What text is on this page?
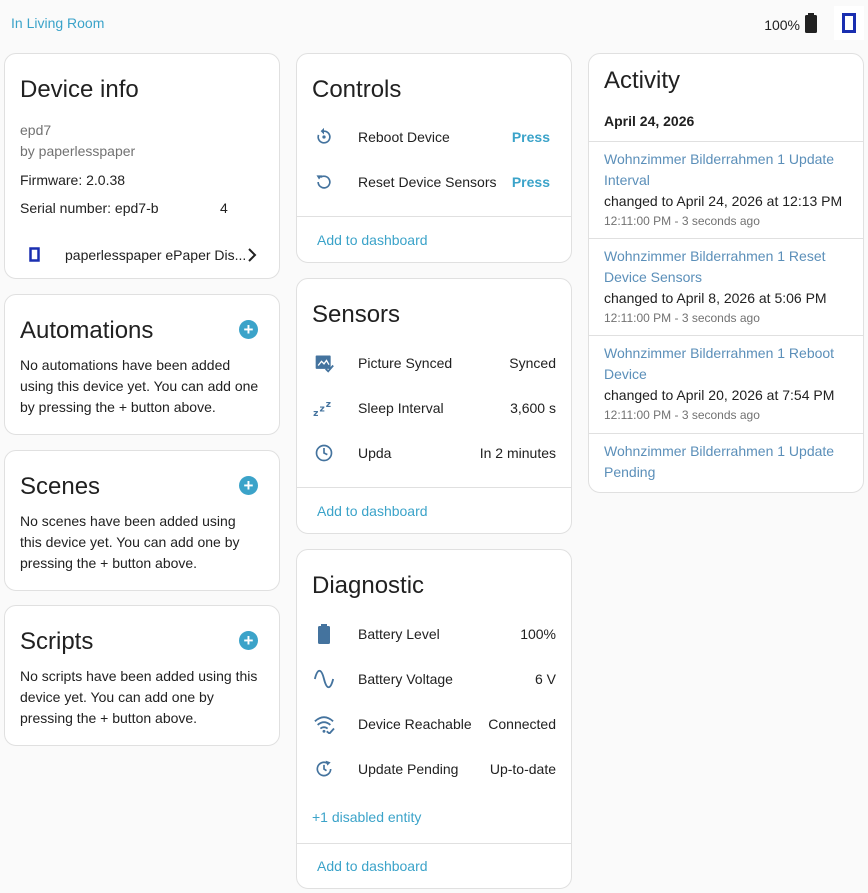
In Living Room	100%
Device info
epd7
by paperlesspaper
Firmware: 2.0.38
Serial number: epd7-b	4
paperlesspaper ePaper Dis...
Automations	+
No automations have been added using this device yet. You can add one by pressing the + button above.
Scenes	+
No scenes have been added using this device yet. You can add one by pressing the + button above.
Scripts	+
No scripts have been added using this device yet. You can add one by pressing the + button above.
Controls
Reboot Device	Press
Reset Device Sensors Press
Add to dashboard
Sensors
Picture Synced	Synced
z z z Sleep Interval	3,600 s
Upda	In 2 minutes
Add to dashboard
Diagnostic
Battery Level	100%
Battery Voltage	6 V
Device Reachable Connected
Update Pending Up-to-date
+1 disabled entity
Add to dashboard
Activity
April 24, 2026
Wohnzimmer Bilderrahmen 1 Update Interval
changed to April 24, 2026 at 12:13 PM
12:11:00 PM - 3 seconds ago
Wohnzimmer Bilderrahmen 1 Reset Device Sensors
changed to April 8, 2026 at 5:06 PM
12:11:00 PM - 3 seconds ago
Wohnzimmer Bilderrahmen 1 Reboot Device
changed to April 20, 2026 at 7:54 PM
12:11:00 PM - 3 seconds ago
Wohnzimmer Bilderrahmen 1 Update Pending
